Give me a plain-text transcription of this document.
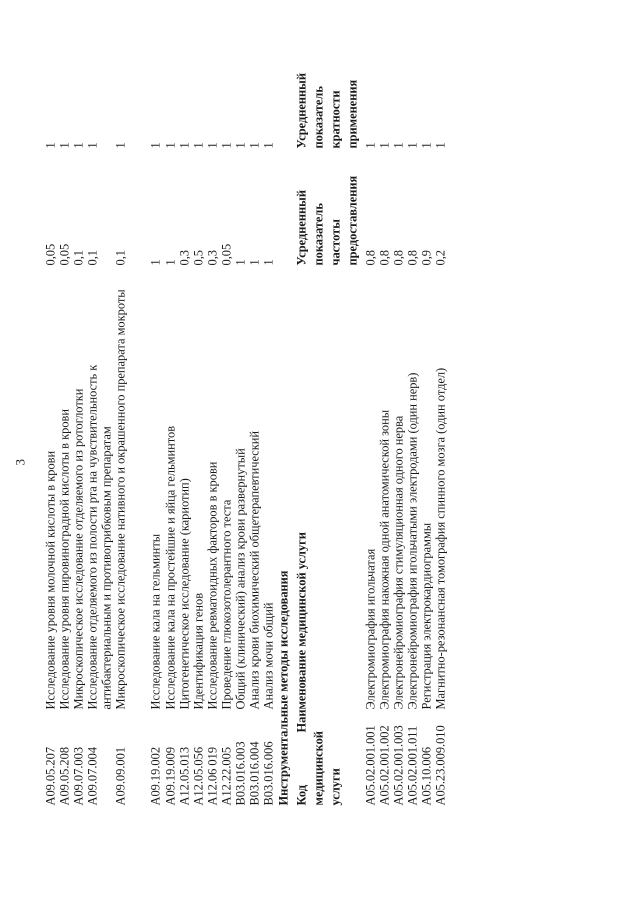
3
A09.05.207
Исследование уровня молочной кислоты в крови
0,05
1
A09.05.208
Исследование уровня пировиноградной кислоты в крови
0,05
1
A09.07.003
Микроскопическое исследование отделяемого из ротоглотки
0,1
1
A09.07.004
Исследование отделяемого из полости рта на чувствительность к антибактериальным и противогрибковым препаратам
0,1
1
A09.09.001
Микроскопическое исследование нативного и окрашенного препарата мокроты
0,1
1
A09.19.002
Исследование кала на гельминты
1
1
A09.19.009
Исследование кала на простейшие и яйца гельминтов
1
1
A12.05.013
Цитогенетическое исследование (кариотип)
0,3
1
A12.05.056
Идентификация генов
0,5
1
A12.06 019
Исследование ревматоидных факторов в крови
0,3
1
A12.22.005
Проведение глюкозотолерантного теста
0,05
1
B03.016.003
Общий (клинический) анализ крови развернутый
1
1
B03.016.004
Анализ крови биохимический общетерапевтический
1
1
B03.016.006
Анализ мочи общий
1
1
Инструментальные методы исследования Код медицинской услуги
Наименование медицинской услуги
Усредненный показатель частоты предоставления
Усредненный показатель кратности применения
A05.02.001.001
Электромиография игольчатая
0,8
1
A05.02.001.002
Электромиография накожная одной анатомической зоны
0,8
1
A05.02.001.003
Электронейромиография стимуляционная одного нерва
0,8
1
A05.02.001.011
Электронейромиография игольчатыми электродами (один нерв)
0,8
1
A05.10.006
Регистрация электрокардиограммы
0,9
1
A05.23.009.010
Магнитно-резонансная томография спинного мозга (один отдел)
0,2
1
